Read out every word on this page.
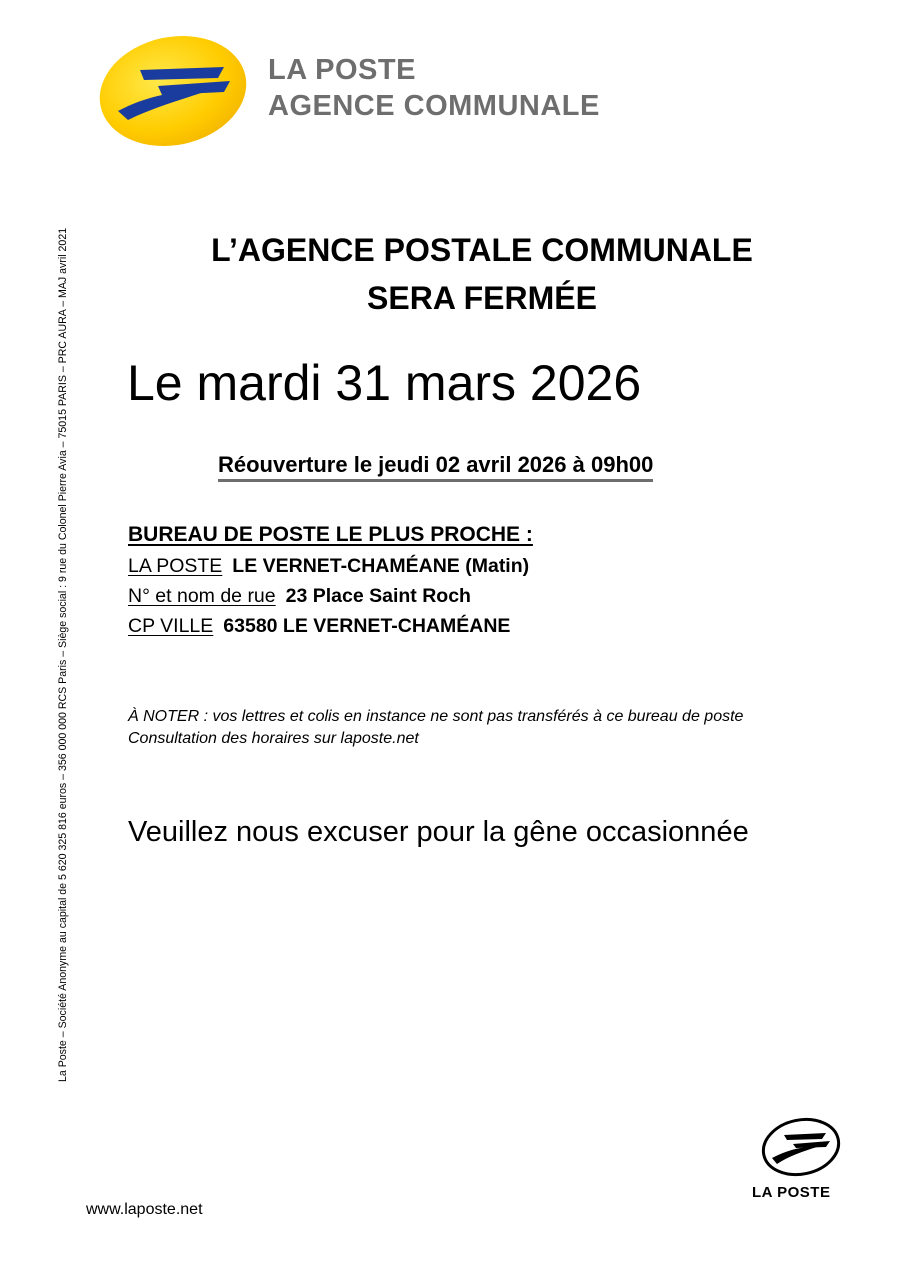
LA POSTE
AGENCE COMMUNALE
La Poste – Société Anonyme au capital de 5 620 325 816 euros – 356 000 000 RCS Paris – Siège social : 9 rue du Colonel Pierre Avia – 75015 PARIS – PRC AURA – MAJ avril 2021	L’AGENCE POSTALE COMMUNALE
SERA FERMÉE
Le mardi 31 mars 2026
Réouverture le jeudi 02 avril 2026 à 09h00
BUREAU DE POSTE LE PLUS PROCHE :
LA POSTE LE VERNET-CHAMÉANE (Matin)
N° et nom de rue 23 Place Saint Roch
CP VILLE 63580 LE VERNET-CHAMÉANE
À NOTER : vos lettres et colis en instance ne sont pas transférés à ce bureau de poste
Consultation des horaires sur laposte.net
Veuillez nous excuser pour la gêne occasionnée
LA POSTE
www.laposte.net
